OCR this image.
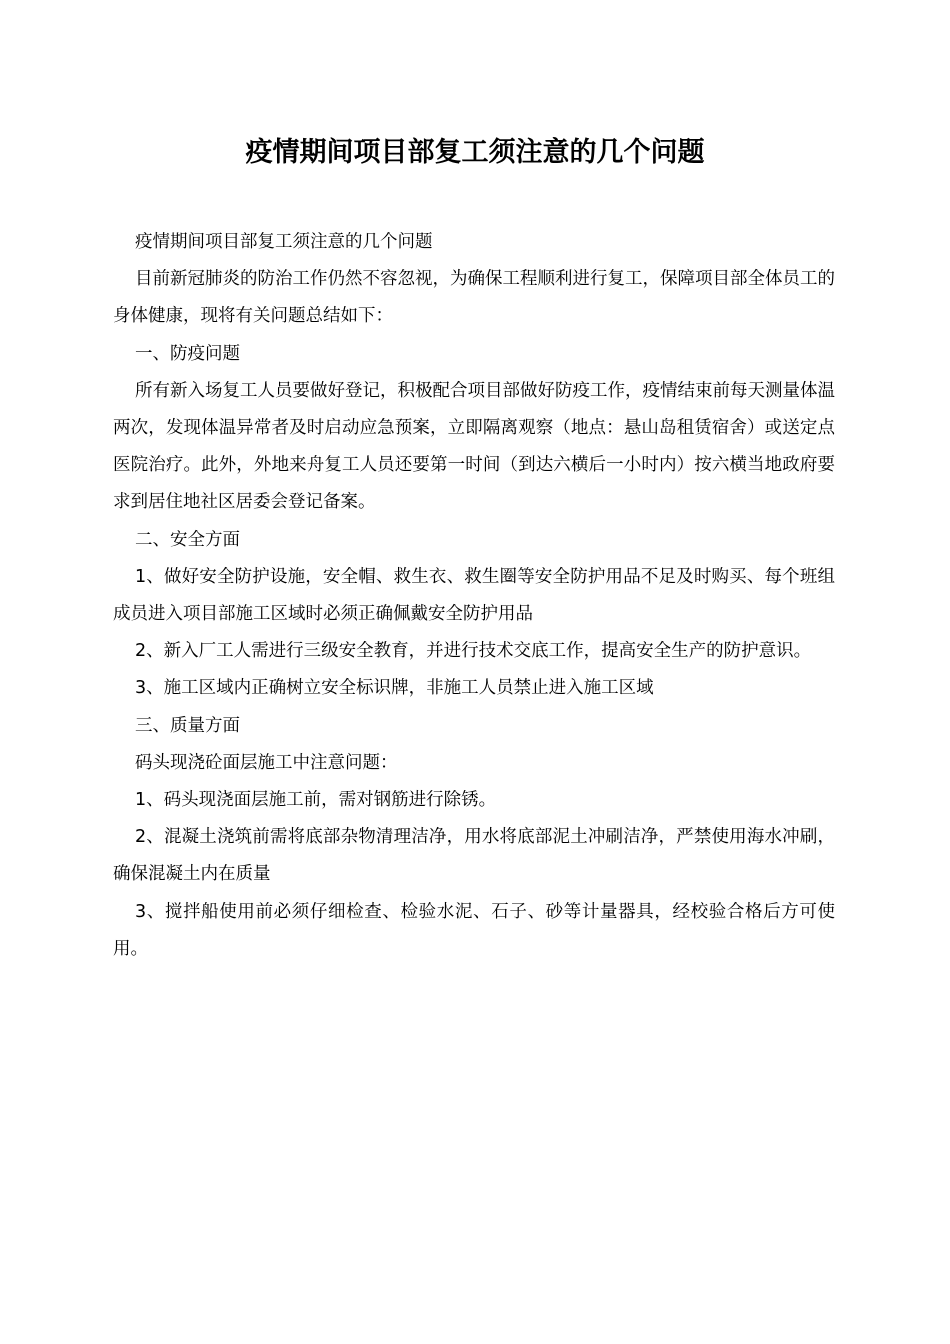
疫情期间项目部复工须注意的几个问题

疫情期间项目部复工须注意的几个问题

目前新冠肺炎的防治工作仍然不容忽视，为确保工程顺利进行复工，保障项目部全体员工的身体健康，现将有关问题总结如下：

一、防疫问题

所有新入场复工人员要做好登记，积极配合项目部做好防疫工作，疫情结束前每天测量体温两次，发现体温异常者及时启动应急预案，立即隔离观察（地点：悬山岛租赁宿舍）或送定点医院治疗。此外，外地来舟复工人员还要第一时间（到达六横后一小时内）按六横当地政府要求到居住地社区居委会登记备案。

二、安全方面

1、做好安全防护设施，安全帽、救生衣、救生圈等安全防护用品不足及时购买、每个班组成员进入项目部施工区域时必须正确佩戴安全防护用品

2、新入厂工人需进行三级安全教育，并进行技术交底工作，提高安全生产的防护意识。

3、施工区域内正确树立安全标识牌，非施工人员禁止进入施工区域

三、质量方面

码头现浇砼面层施工中注意问题：

1、码头现浇面层施工前，需对钢筋进行除锈。

2、混凝土浇筑前需将底部杂物清理洁净，用水将底部泥土冲刷洁净，严禁使用海水冲刷，确保混凝土内在质量

3、搅拌船使用前必须仔细检查、检验水泥、石子、砂等计量器具，经校验合格后方可使用。
